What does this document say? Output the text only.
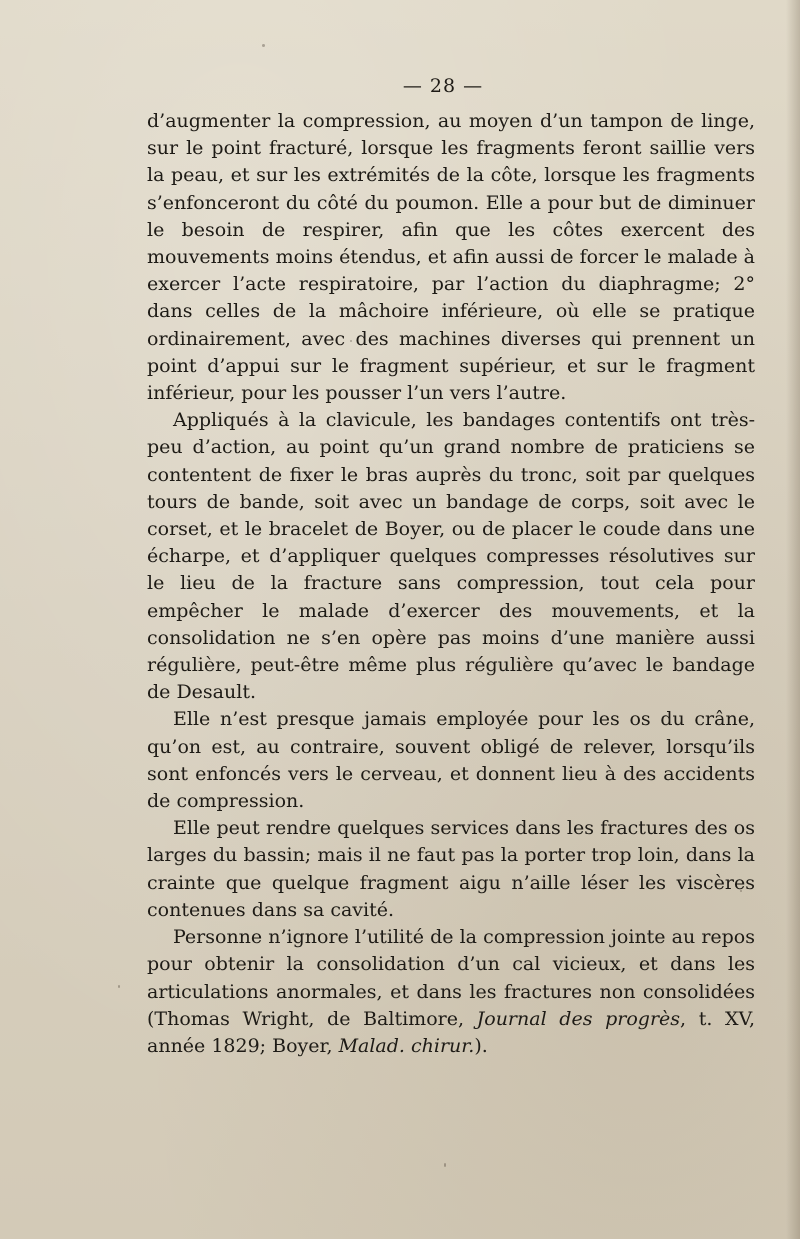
— 28 —

d’augmenter la compression, au moyen d’un tampon de linge, sur le point fracturé, lorsque les fragments feront saillie vers la peau, et sur les extrémités de la côte, lorsque les fragments s’enfonceront du côté du poumon. Elle a pour but de diminuer le besoin de respirer, afin que les côtes exercent des mouvements moins étendus, et afin aussi de forcer le malade à exercer l’acte respiratoire, par l’action du diaphragme; 2° dans celles de la mâchoire inférieure, où elle se pratique ordinairement, avec des machines diverses qui prennent un point d’appui sur le fragment supérieur, et sur le fragment inférieur, pour les pousser l’un vers l’autre.

Appliqués à la clavicule, les bandages contentifs ont très-peu d’action, au point qu’un grand nombre de praticiens se contentent de fixer le bras auprès du tronc, soit par quelques tours de bande, soit avec un bandage de corps, soit avec le corset, et le bracelet de Boyer, ou de placer le coude dans une écharpe, et d’appliquer quelques compresses résolutives sur le lieu de la fracture sans compression, tout cela pour empêcher le malade d’exercer des mouvements, et la consolidation ne s’en opère pas moins d’une manière aussi régulière, peut-être même plus régulière qu’avec le bandage de Desault.

Elle n’est presque jamais employée pour les os du crâne, qu’on est, au contraire, souvent obligé de relever, lorsqu’ils sont enfoncés vers le cerveau, et donnent lieu à des accidents de compression.

Elle peut rendre quelques services dans les fractures des os larges du bassin; mais il ne faut pas la porter trop loin, dans la crainte que quelque fragment aigu n’aille léser les viscères contenues dans sa cavité.

Personne n’ignore l’utilité de la compression jointe au repos pour obtenir la consolidation d’un cal vicieux, et dans les articulations anormales, et dans les fractures non consolidées (Thomas Wright, de Baltimore, Journal des progrès, t. XV, année 1829; Boyer, Malad. chirur.).
